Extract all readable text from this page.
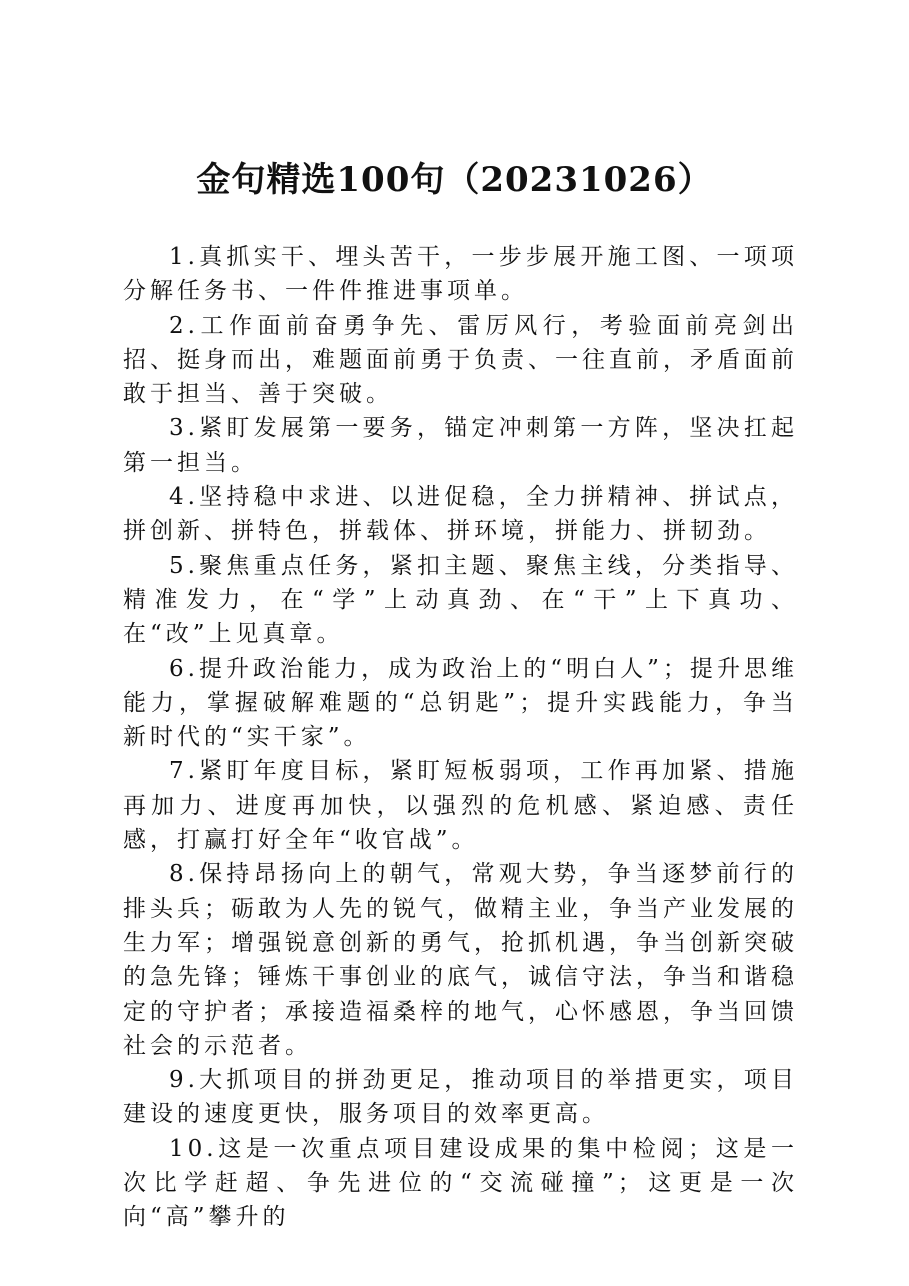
金句精选100句（20231026）

1.真抓实干、埋头苦干，一步步展开施工图、一项项分解任务书、一件件推进事项单。

2.工作面前奋勇争先、雷厉风行，考验面前亮剑出招、挺身而出，难题面前勇于负责、一往直前，矛盾面前敢于担当、善于突破。

3.紧盯发展第一要务，锚定冲刺第一方阵，坚决扛起第一担当。

4.坚持稳中求进、以进促稳，全力拼精神、拼试点，拼创新、拼特色，拼载体、拼环境，拼能力、拼韧劲。

5.聚焦重点任务，紧扣主题、聚焦主线，分类指导、精准发力，在“学”上动真劲、在“干”上下真功、在“改”上见真章。

6.提升政治能力，成为政治上的“明白人”；提升思维能力，掌握破解难题的“总钥匙”；提升实践能力，争当新时代的“实干家”。

7.紧盯年度目标，紧盯短板弱项，工作再加紧、措施再加力、进度再加快，以强烈的危机感、紧迫感、责任感，打赢打好全年“收官战”。

8.保持昂扬向上的朝气，常观大势，争当逐梦前行的排头兵；砺敢为人先的锐气，做精主业，争当产业发展的生力军；增强锐意创新的勇气，抢抓机遇，争当创新突破的急先锋；锤炼干事创业的底气，诚信守法，争当和谐稳定的守护者；承接造福桑梓的地气，心怀感恩，争当回馈社会的示范者。

9.大抓项目的拼劲更足，推动项目的举措更实，项目建设的速度更快，服务项目的效率更高。

10.这是一次重点项目建设成果的集中检阅；这是一次比学赶超、争先进位的“交流碰撞”；这更是一次向“高”攀升的
